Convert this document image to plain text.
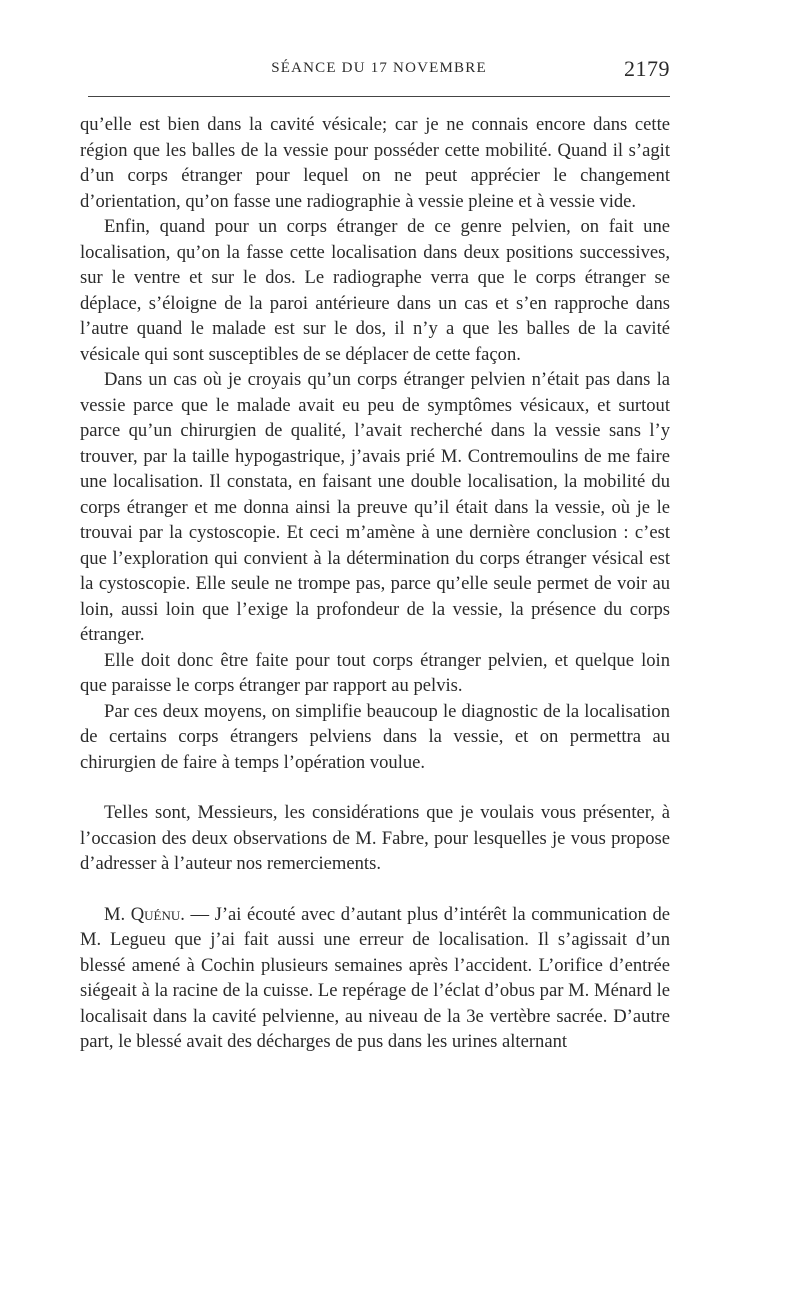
SÉANCE DU 17 NOVEMBRE	2179

qu’elle est bien dans la cavité vésicale; car je ne connais encore dans cette région que les balles de la vessie pour posséder cette mobilité. Quand il s’agit d’un corps étranger pour lequel on ne peut apprécier le changement d’orientation, qu’on fasse une radiographie à vessie pleine et à vessie vide.

Enfin, quand pour un corps étranger de ce genre pelvien, on fait une localisation, qu’on la fasse cette localisation dans deux positions successives, sur le ventre et sur le dos. Le radiographe verra que le corps étranger se déplace, s’éloigne de la paroi antérieure dans un cas et s’en rapproche dans l’autre quand le malade est sur le dos, il n’y a que les balles de la cavité vésicale qui sont susceptibles de se déplacer de cette façon.

Dans un cas où je croyais qu’un corps étranger pelvien n’était pas dans la vessie parce que le malade avait eu peu de symptômes vésicaux, et surtout parce qu’un chirurgien de qualité, l’avait recherché dans la vessie sans l’y trouver, par la taille hypogastrique, j’avais prié M. Contremoulins de me faire une localisation. Il constata, en faisant une double localisation, la mobilité du corps étranger et me donna ainsi la preuve qu’il était dans la vessie, où je le trouvai par la cystoscopie. Et ceci m’amène à une dernière conclusion : c’est que l’exploration qui convient à la détermination du corps étranger vésical est la cystoscopie. Elle seule ne trompe pas, parce qu’elle seule permet de voir au loin, aussi loin que l’exige la profondeur de la vessie, la présence du corps étranger.

Elle doit donc être faite pour tout corps étranger pelvien, et quelque loin que paraisse le corps étranger par rapport au pelvis.

Par ces deux moyens, on simplifie beaucoup le diagnostic de la localisation de certains corps étrangers pelviens dans la vessie, et on permettra au chirurgien de faire à temps l’opération voulue.

Telles sont, Messieurs, les considérations que je voulais vous présenter, à l’occasion des deux observations de M. Fabre, pour lesquelles je vous propose d’adresser à l’auteur nos remerciements.

M. Quénu. — J’ai écouté avec d’autant plus d’intérêt la communication de M. Legueu que j’ai fait aussi une erreur de localisation. Il s’agissait d’un blessé amené à Cochin plusieurs semaines après l’accident. L’orifice d’entrée siégeait à la racine de la cuisse. Le repérage de l’éclat d’obus par M. Ménard le localisait dans la cavité pelvienne, au niveau de la 3e vertèbre sacrée. D’autre part, le blessé avait des décharges de pus dans les urines alternant
